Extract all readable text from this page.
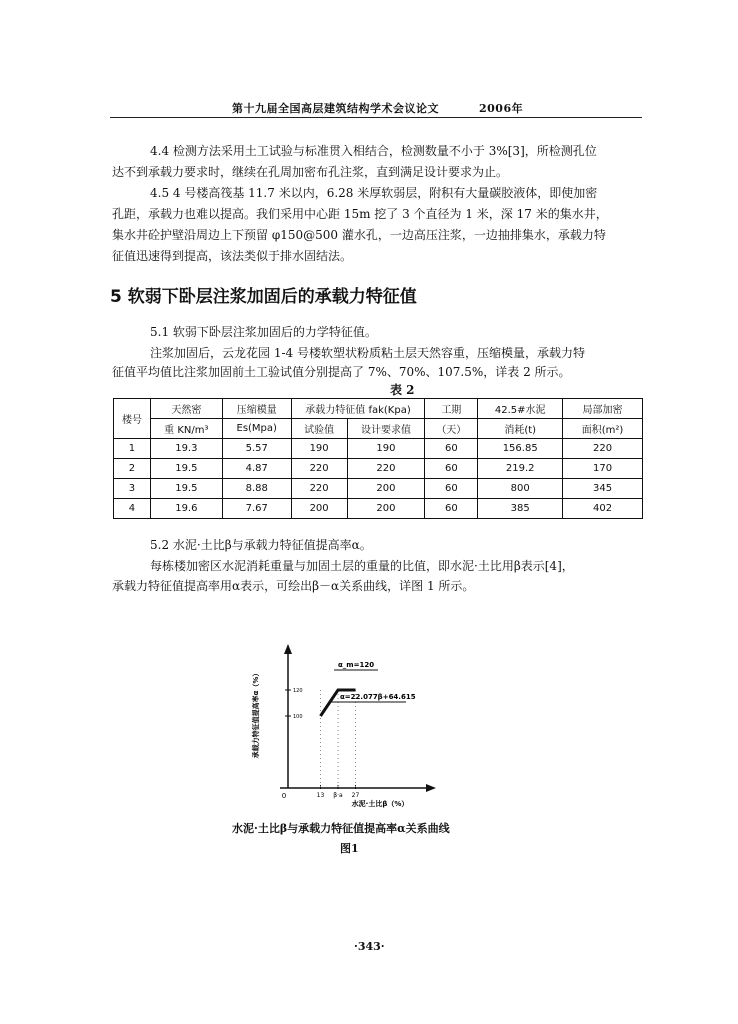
第十九届全国高层建筑结构学术会议论文	2006年
4.4 检测方法采用土工试验与标准贯入相结合，检测数量不小于 3%[3]，所检测孔位
达不到承载力要求时，继续在孔周加密布孔注浆，直到满足设计要求为止。
4.5 4 号楼高筏基 11.7 米以内，6.28 米厚软弱层，附积有大量碳胶液体，即使加密
孔距，承载力也难以提高。我们采用中心距 15m 挖了 3 个直径为 1 米，深 17 米的集水井，
集水井砼护壁沿周边上下预留 φ150@500 灌水孔，一边高压注浆，一边抽排集水，承载力特
征值迅速得到提高，该法类似于排水固结法。
5 软弱下卧层注浆加固后的承载力特征值
5.1 软弱下卧层注浆加固后的力学特征值。
注浆加固后，云龙花园 1-4 号楼软塑状粉质粘土层天然容重，压缩模量，承载力特
征值平均值比注浆加固前土工验试值分别提高了 7%、70%、107.5%，详表 2 所示。
表 2
楼号	天然密	压缩模量	承载力特征值 fak(Kpa)		工期	42.5#水泥	局部加密
	重 KN/m³	Es(Mpa)	试验值	设计要求值	（天）	消耗(t)	面积(m²)
1	19.3	5.57	190	190	60	156.85	220
2	19.5	4.87	220	220	60	219.2	170
3	19.5	8.88	220	200	60	800	345
4	19.6	7.67	200	200	60	385	402
5.2 水泥·土比β与承载力特征值提高率α。
每栋楼加密区水泥消耗重量与加固土层的重量的比值，即水泥·土比用β表示[4]，
承载力特征值提高率用α表示，可绘出β－α关系曲线，详图 1 所示。
0	13 β·a 27
100
120
承载力特征值提高率α（%）
水泥·土比β（%）
α_m=120
α=22.077β+64.615
水泥·土比β与承载力特征值提高率α关系曲线
图1
·343·
